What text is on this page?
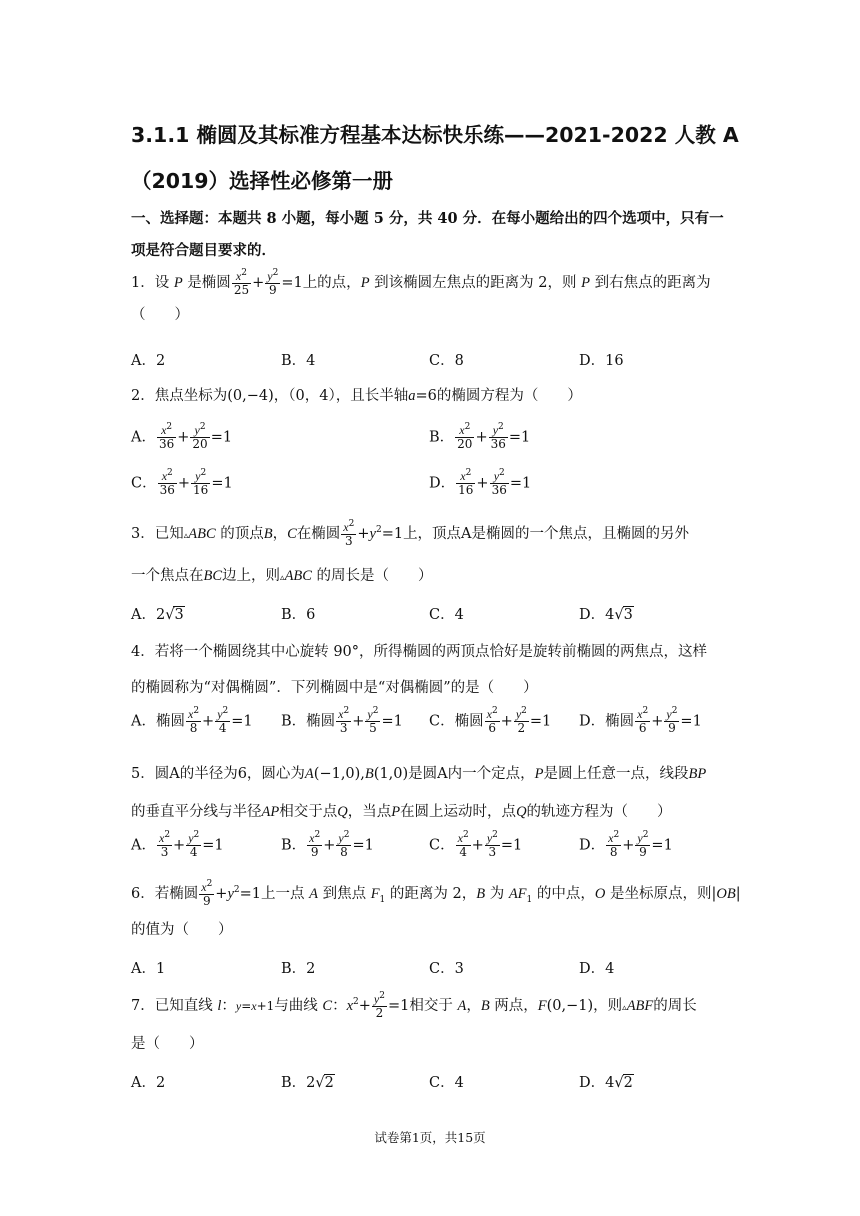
3.1.1 椭圆及其标准方程基本达标快乐练——2021-2022 人教 A
（2019）选择性必修第一册
一、选择题：本题共 8 小题，每小题 5 分，共 40 分．在每小题给出的四个选项中，只有一
项是符合题目要求的．
1．设 P 是椭圆 $\frac{x^2}{25} + \frac{y^2}{9} =1$上的点，P 到该椭圆左焦点的距离为 2，则 P 到右焦点的距离为
（　　）
A．2	B．4	C．8	D．16
2．焦点坐标为(0,−4)，（0，4），且长半轴a=6的椭圆方程为（　　）
A． $\frac{x^2}{36} + \frac{y^2}{20} =1$	B． $\frac{x^2}{20} + \frac{y^2}{36} =1$
C． $\frac{x^2}{36} + \frac{y^2}{16} =1$	D． $\frac{x^2}{16} + \frac{y^2}{36} =1$
3．已知▵ABC 的顶点B，C在椭圆 $\frac{x^2}{3} +y^2=1$上，顶点A是椭圆的一个焦点，且椭圆的另外
一个焦点在BC边上，则▵ABC 的周长是（　　）
A．2√3	B．6	C．4	D．4√3
4．若将一个椭圆绕其中心旋转 90°，所得椭圆的两顶点恰好是旋转前椭圆的两焦点，这样
的椭圆称为“对偶椭圆”．下列椭圆中是“对偶椭圆”的是（　　）
A．椭圆 $\frac{x^2}{8} + \frac{y^2}{4} =1$ B．椭圆 $\frac{x^2}{3} + \frac{y^2}{5} =1$ C．椭圆 $\frac{x^2}{6} + \frac{y^2}{2} =1$ D．椭圆 $\frac{x^2}{6} + \frac{y^2}{9} =1$
5．圆A的半径为6，圆心为A(−1,0),B(1,0)是圆A内一个定点，P是圆上任意一点，线段BP
的垂直平分线与半径AP相交于点Q，当点P在圆上运动时，点Q的轨迹方程为（　　）
A． $\frac{x^2}{3} + \frac{y^2}{4} =1$	B． $\frac{x^2}{9} + \frac{y^2}{8} =1$	C． $\frac{x^2}{4} + \frac{y^2}{3} =1$	D． $\frac{x^2}{8} + \frac{y^2}{9} =1$
6．若椭圆 $\frac{x^2}{9} +y^2=1$上一点 A 到焦点 $F_1$ 的距离为 2，B 为 $AF_1$ 的中点，O 是坐标原点，则|OB|
的值为（　　）
A．1	B．2	C．3	D．4
7．已知直线 l：y=x+1与曲线 C：$x^2+ \frac{y^2}{2} =1$相交于 A，B 两点，F(0,−1)，则▵ABF的周长
是（　　）
A．2	B．2√2	C．4	D．4√2
试卷第1页，共15页
